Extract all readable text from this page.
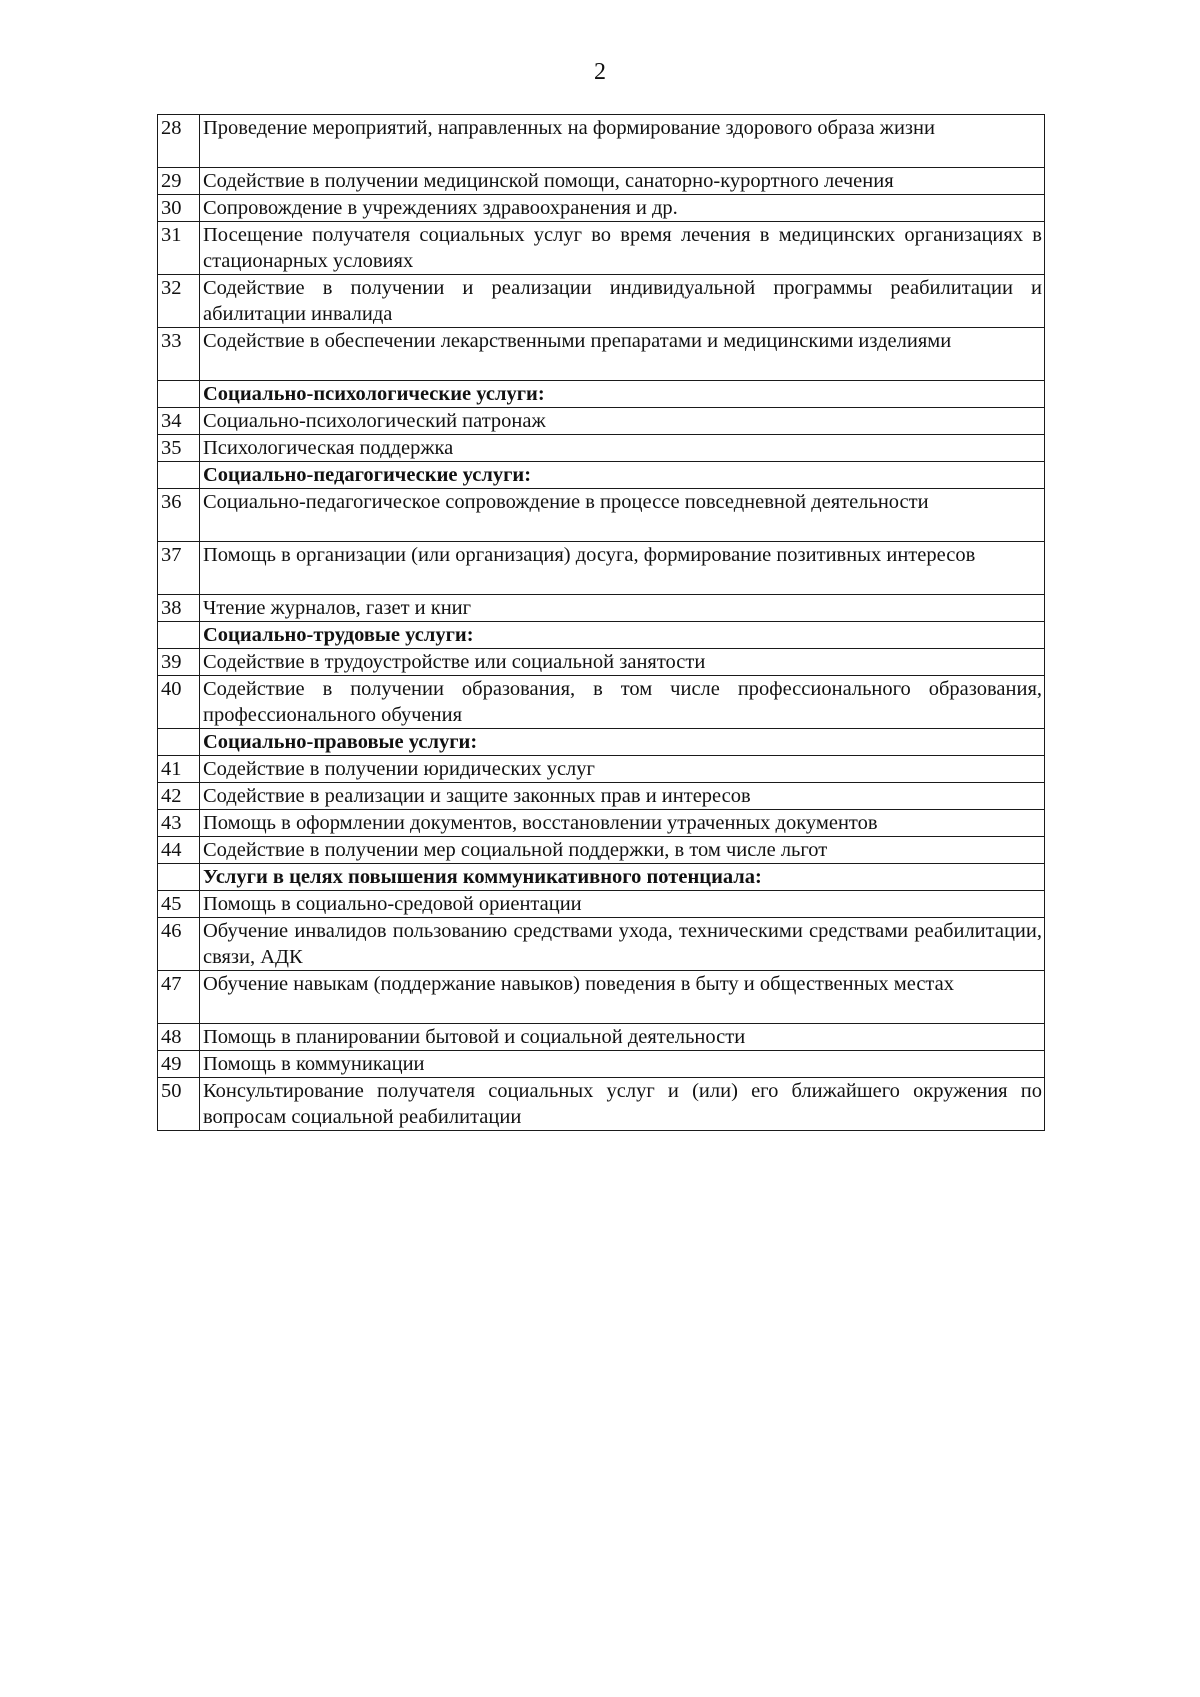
2
28	Проведение мероприятий, направленных на формирование здорового образа жизни
29	Содействие в получении медицинской помощи, санаторно-курортного лечения
30	Сопровождение в учреждениях здравоохранения и др.
31	Посещение получателя социальных услуг во время лечения в медицинских организациях в стационарных условиях
32	Содействие в получении и реализации индивидуальной программы реабилитации и абилитации инвалида
33	Содействие в обеспечении лекарственными препаратами и медицинскими изделиями
	Социально-психологические услуги:
34	Социально-психологический патронаж
35	Психологическая поддержка
	Социально-педагогические услуги:
36	Социально-педагогическое сопровождение в процессе повседневной деятельности
37	Помощь в организации (или организация) досуга, формирование позитивных интересов
38	Чтение журналов, газет и книг
	Социально-трудовые услуги:
39	Содействие в трудоустройстве или социальной занятости
40	Содействие в получении образования, в том числе профессионального образования, профессионального обучения
	Социально-правовые услуги:
41	Содействие в получении юридических услуг
42	Содействие в реализации и защите законных прав и интересов
43	Помощь в оформлении документов, восстановлении утраченных документов
44	Содействие в получении мер социальной поддержки, в том числе льгот
	Услуги в целях повышения коммуникативного потенциала:
45	Помощь в социально-средовой ориентации
46	Обучение инвалидов пользованию средствами ухода, техническими средствами реабилитации, связи, АДК
47	Обучение навыкам (поддержание навыков) поведения в быту и общественных местах
48	Помощь в планировании бытовой и социальной деятельности
49	Помощь в коммуникации
50	Консультирование получателя социальных услуг и (или) его ближайшего окружения по вопросам социальной реабилитации
